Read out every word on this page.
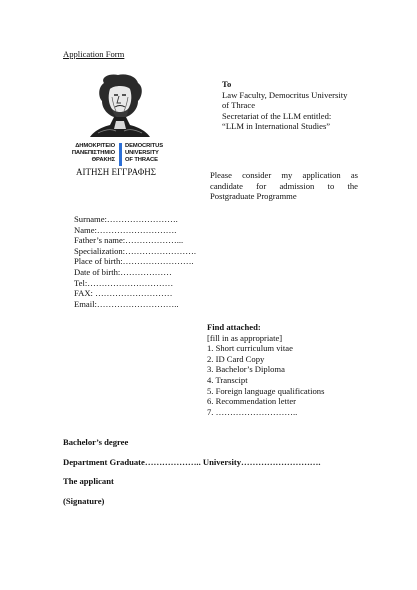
Application Form
ΔΗΜΟΚΡΙΤΕΙΟ
ΠΑΝΕΠΙΣΤΗΜΙΟ
ΘΡΑΚΗΣ
DEMOCRITUS
UNIVERSITY
OF THRACE
ΑΙΤΗΣΗ ΕΓΓΡΑΦΗΣ
To
Law Faculty, Democritus University
of Thrace
Secretariat of the LLM entitled:
“LLM in International Studies”
Please consider my application as candidate for admission to the Postgraduate Programme
Surname:…………………….
Name:……………………….
Father’s name:………………...
Specialization:…………………….
Place of birth:…………………….
Date of birth:………………
Tel:…………………………
FAX: ………………………
Email:………………………..
Find attached:
[fill in as appropriate]
1. Short curriculum vitae
2. ID Card Copy
3. Bachelor’s Diploma
4. Transcipt
5. Foreign language qualifications
6. Recommendation letter
7. ………………………..
Bachelor’s degree
Department Graduate……………….. University……………………….
The applicant
(Signature)
